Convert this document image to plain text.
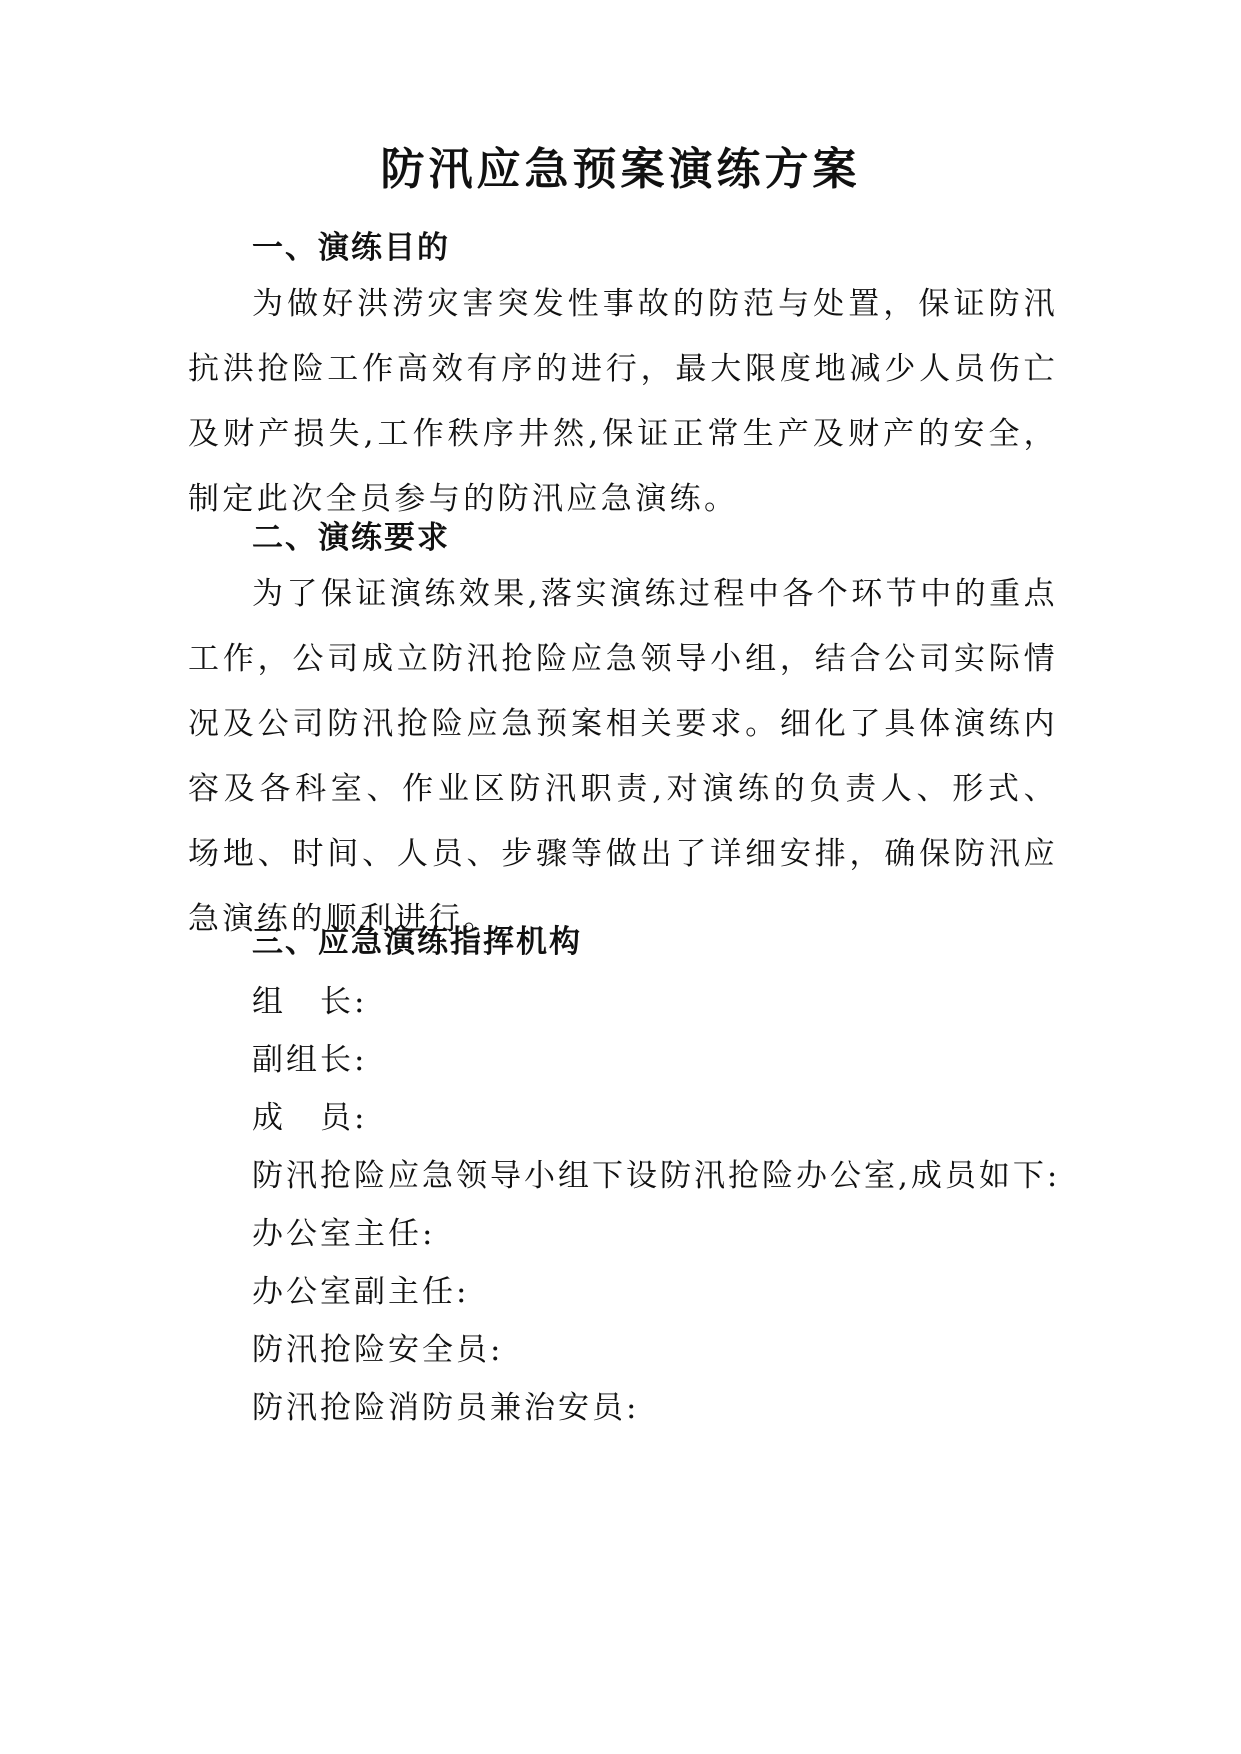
防汛应急预案演练方案
一、演练目的
为做好洪涝灾害突发性事故的防范与处置，保证防汛抗洪抢险工作高效有序的进行，最大限度地减少人员伤亡及财产损失,工作秩序井然,保证正常生产及财产的安全，制定此次全员参与的防汛应急演练。
二、演练要求
为了保证演练效果,落实演练过程中各个环节中的重点工作，公司成立防汛抢险应急领导小组，结合公司实际情况及公司防汛抢险应急预案相关要求。细化了具体演练内容及各科室、作业区防汛职责,对演练的负责人、形式、场地、时间、人员、步骤等做出了详细安排，确保防汛应急演练的顺利进行。
三、应急演练指挥机构
组　长:
副组长:
成　员:
防汛抢险应急领导小组下设防汛抢险办公室,成员如下:
办公室主任:
办公室副主任:
防汛抢险安全员:
防汛抢险消防员兼治安员:
